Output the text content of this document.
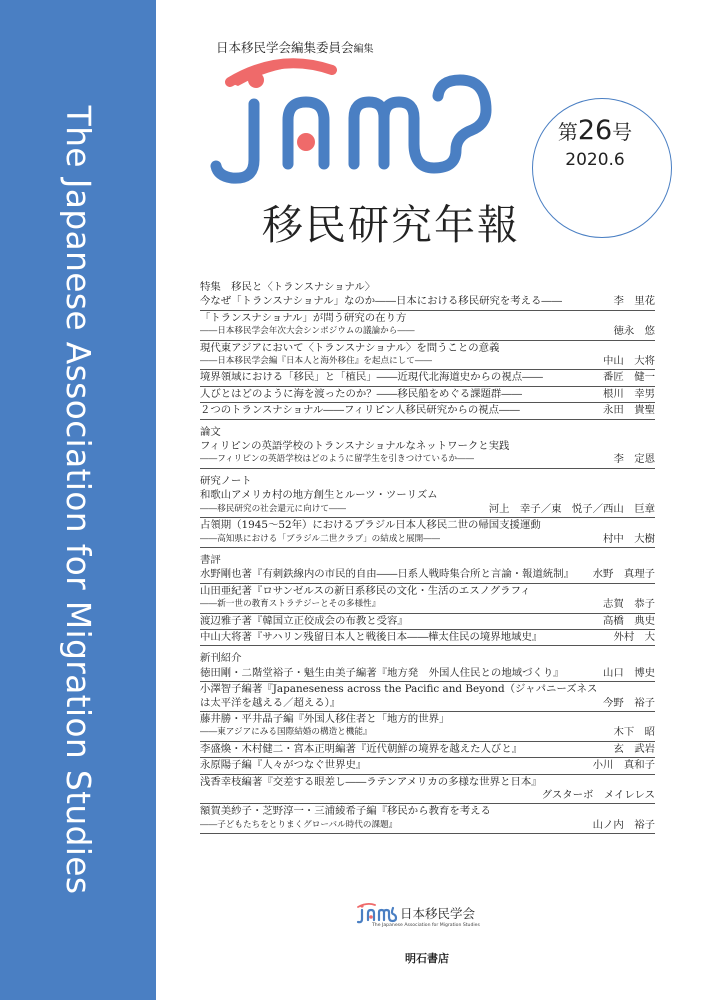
The Japanese Association for Migration Studies
日本移民学会編集委員会編集
第26号
2020.6
移民研究年報
特集　移民と〈トランスナショナル〉
今なぜ「トランスナショナル」なのか――日本における移民研究を考える――	李　里花
「トランスナショナル」が問う研究の在り方
――日本移民学会年次大会シンポジウムの議論から――	徳永　悠
現代東アジアにおいて〈トランスナショナル〉を問うことの意義
――日本移民学会編『日本人と海外移住』を起点にして――	中山　大将
境界領域における「移民」と「植民」――近現代北海道史からの視点――	番匠　健一
人びとはどのように海を渡ったのか？――移民船をめぐる課題群――	根川　幸男
２つのトランスナショナル――フィリピン人移民研究からの視点――	永田　貴聖
論文
フィリピンの英語学校のトランスナショナルなネットワークと実践
――フィリピンの英語学校はどのように留学生を引きつけているか――	李　定恩
研究ノート
和歌山アメリカ村の地方創生とルーツ・ツーリズム
――移民研究の社会還元に向けて――	河上　幸子／東　悦子／西山　巨章
占領期（1945～52年）におけるブラジル日本人移民二世の帰国支援運動
――高知県における「ブラジル二世クラブ」の結成と展開――	村中　大樹
書評
水野剛也著『有刺鉄線内の市民的自由――日系人戦時集合所と言論・報道統制』	水野　真理子
山田亜紀著『ロサンゼルスの新日系移民の文化・生活のエスノグラフィ
――新一世の教育ストラテジーとその多様性』	志賀　恭子
渡辺雅子著『韓国立正佼成会の布教と受容』	高橋　典史
中山大将著『サハリン残留日本人と戦後日本――樺太住民の境界地域史』	外村　大
新刊紹介
徳田剛・二階堂裕子・魁生由美子編著『地方発　外国人住民との地域づくり』	山口　博史
小澤智子編著『Japaneseness across the Pacific and Beyond（ジャパニーズネス
は太平洋を越える／超える）』	今野　裕子
藤井勝・平井晶子編『外国人移住者と「地方的世界」
――東アジアにみる国際結婚の構造と機能』	木下　昭
李盛煥・木村健二・宮本正明編著『近代朝鮮の境界を越えた人びと』	玄　武岩
永原陽子編『人々がつなぐ世界史』	小川　真和子
浅香幸枝編著『交差する眼差し――ラテンアメリカの多様な世界と日本』
グスターボ　メイレレス
額賀美紗子・芝野淳一・三浦綾希子編『移民から教育を考える
――子どもたちをとりまくグローバル時代の課題』	山ノ内　裕子
日本移民学会
The Japanese Association for Migration Studies
明石書店
